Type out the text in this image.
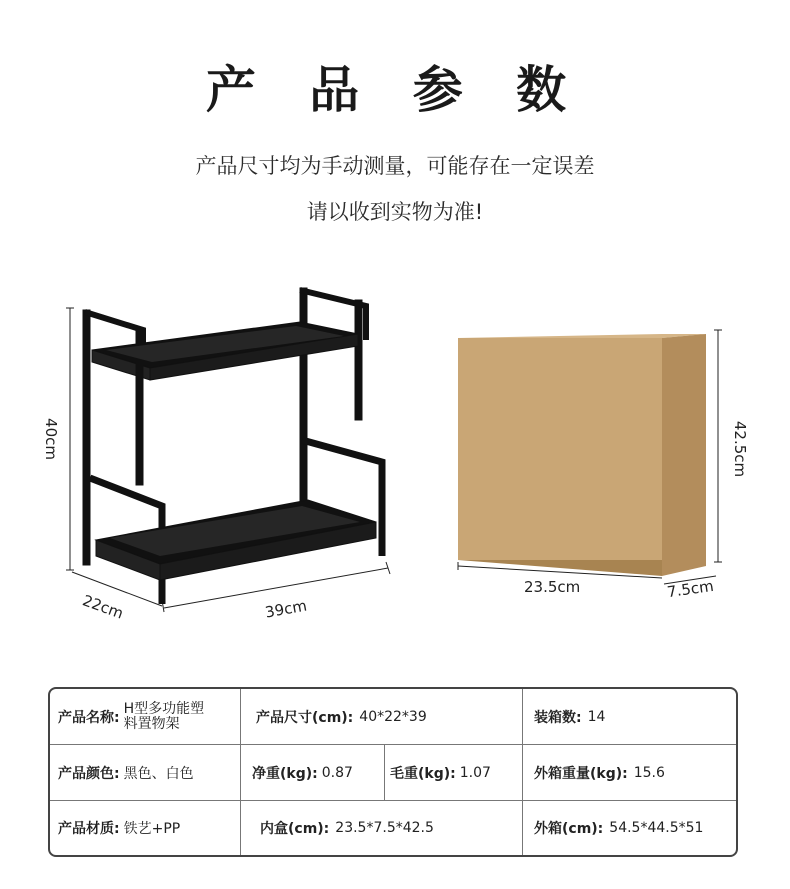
产 品 参 数
产品尺寸均为手动测量，可能存在一定误差
请以收到实物为准!
40cm
22cm	39cm
42.5cm
23.5cm	7.5cm
产品名称:
H型多功能塑
料置物架	产品尺寸(cm): 40*22*39	装箱数: 14
产品颜色: 黑色、白色	净重(kg): 0.87	毛重(kg): 1.07	外箱重量(kg): 15.6
产品材质: 铁艺+PP	内盒(cm): 23.5*7.5*42.5	外箱(cm): 54.5*44.5*51
